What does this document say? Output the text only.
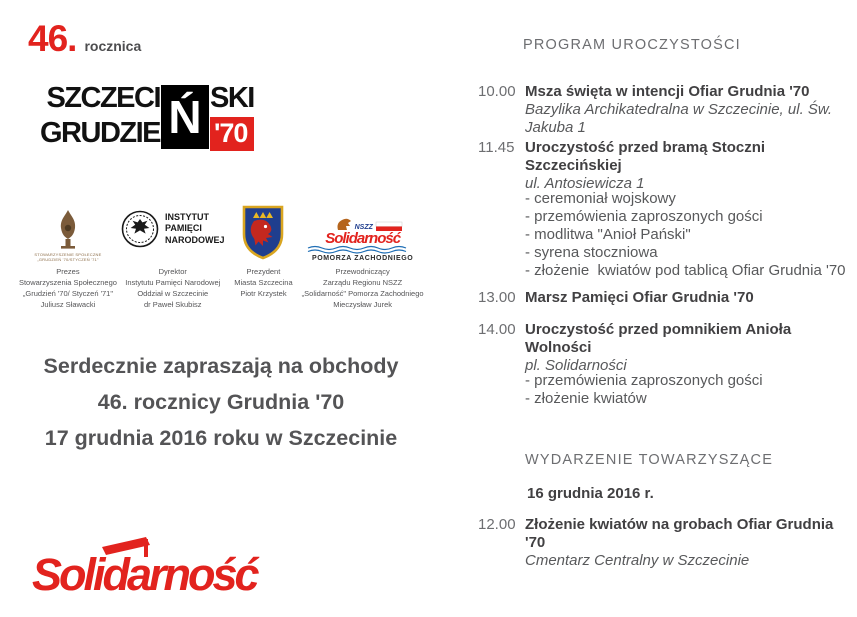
46. rocznica
SZCZECI
GRUDZIE Ń SKI
'70
STOWARZYSZENIE SPOŁECZNE
„GRUDZIEŃ '70/STYCZEŃ '71"
Prezes
Stowarzyszenia Społecznego
„Grudzień '70/ Styczeń '71"
Juliusz Sławacki
INSTYTUT
PAMIĘCI
NARODOWEJ
Dyrektor
Instytutu Pamięci Narodowej
Oddział w Szczecinie
dr Paweł Skubisz
Prezydent
Miasta Szczecina
Piotr Krzystek
NSZZ
Solidarność
POMORZA ZACHODNIEGO
Przewodniczący
Zarządu Regionu NSZZ
„Solidarność" Pomorza Zachodniego
Mieczysław Jurek
Serdecznie zapraszają na obchody
46. rocznicy Grudnia '70
17 grudnia 2016 roku w Szczecinie
Solidarność
PROGRAM UROCZYSTOŚCI
10.00 Msza święta w intencji Ofiar Grudnia '70
Bazylika Archikatedralna w Szczecinie, ul. Św. Jakuba 1
11.45 Uroczystość przed bramą Stoczni Szczecińskiej
ul. Antosiewicza 1
- ceremoniał wojskowy
- przemówienia zaproszonych gości
- modlitwa "Anioł Pański"
- syrena stoczniowa
- złożenie  kwiatów pod tablicą Ofiar Grudnia '70
13.00 Marsz Pamięci Ofiar Grudnia '70
14.00 Uroczystość przed pomnikiem Anioła Wolności
pl. Solidarności
- przemówienia zaproszonych gości
- złożenie kwiatów
WYDARZENIE TOWARZYSZĄCE
16 grudnia 2016 r.
12.00 Złożenie kwiatów na grobach Ofiar Grudnia '70
Cmentarz Centralny w Szczecinie
